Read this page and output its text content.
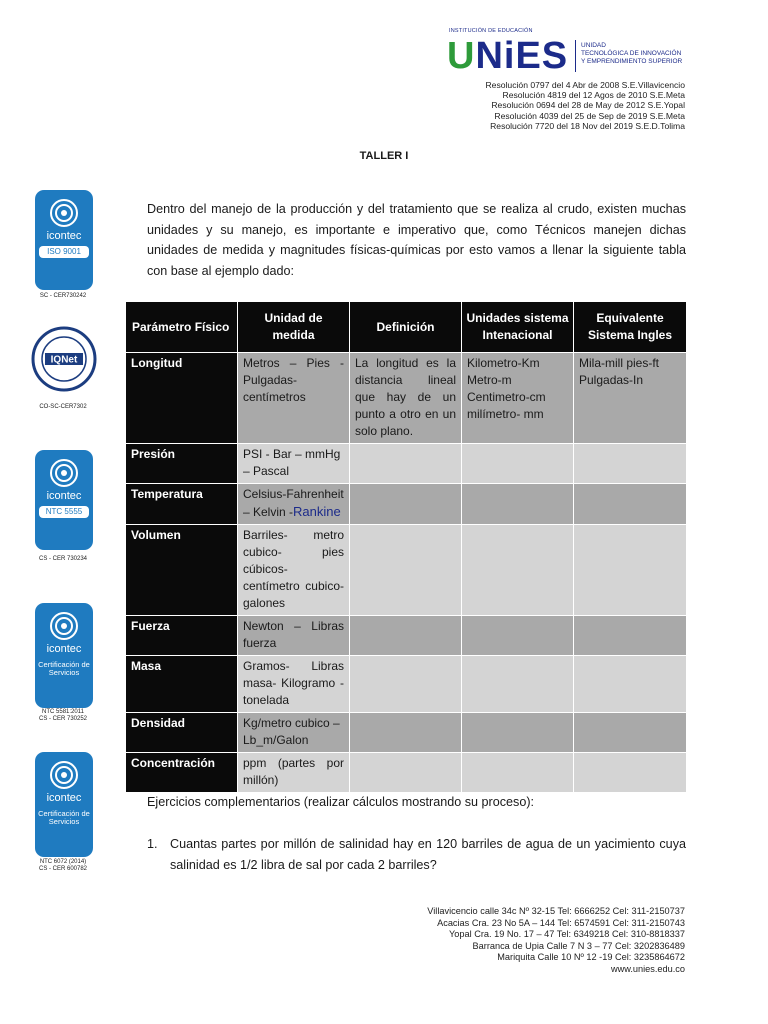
INSTITUCIÓN DE EDUCACIÓN
UNiES UNIDAD
TECNOLÓGICA DE INNOVACIÓN
Y EMPRENDIMIENTO SUPERIOR
Resolución 0797 del 4 Abr de 2008 S.E.Villavicencio
Resolución 4819 del 12 Agos de 2010 S.E.Meta
Resolución 0694 del 28 de May de 2012 S.E.Yopal
Resolución 4039 del 25 de Sep de 2019 S.E.Meta
Resolución 7720 del 18 Nov del 2019 S.E.D.Tolima
TALLER I
Dentro del manejo de la producción y del tratamiento que se realiza al crudo, existen muchas unidades y su manejo, es importante e imperativo que, como Técnicos manejen dichas unidades de medida y magnitudes físicas-químicas por esto vamos a llenar la siguiente tabla con base al ejemplo dado:
icontec
ISO 9001
SC - CER730242
IQNet
CO-SC-CER7302
icontec
NTC 5555
CS - CER 730234
icontec
Certificación de Servicios
NTC 5581:2011
CS - CER 730252
icontec
Certificación de Servicios
NTC 6072 (2014)
CS - CER 600782
Parámetro Físico	Unidad de medida	Definición	Unidades sistema Intenacional	Equivalente Sistema Ingles
Longitud	Metros – Pies - Pulgadas-centímetros	La longitud es la distancia lineal que hay de un punto a otro en un solo plano.	Kilometro-Km Metro-m Centimetro-cm milímetro- mm	Mila-mill pies-ft Pulgadas-In
Presión	PSI - Bar – mmHg – Pascal			
Temperatura	Celsius-Fahrenheit – Kelvin -Rankine			
Volumen	Barriles- metro cubico- pies cúbicos-centímetro cubico-galones			
Fuerza	Newton – Libras fuerza			
Masa	Gramos- Libras masa- Kilogramo - tonelada			
Densidad	Kg/metro cubico – Lb_m/Galon			
Concentración	ppm (partes por millón)			
Ejercicios complementarios (realizar cálculos mostrando su proceso):
1. Cuantas partes por millón de salinidad hay en 120 barriles de agua de un yacimiento cuya salinidad es 1/2 libra de sal por cada 2 barriles?
Villavicencio calle 34c Nº 32-15 Tel: 6666252 Cel: 311-2150737
Acacias Cra. 23 No 5A – 144 Tel: 6574591 Cel: 311-2150743
Yopal Cra. 19 No. 17 – 47 Tel: 6349218 Cel: 310-8818337
Barranca de Upia Calle 7 N 3 – 77 Cel: 3202836489
Mariquita Calle 10 Nº 12 -19 Cel: 3235864672
www.unies.edu.co
